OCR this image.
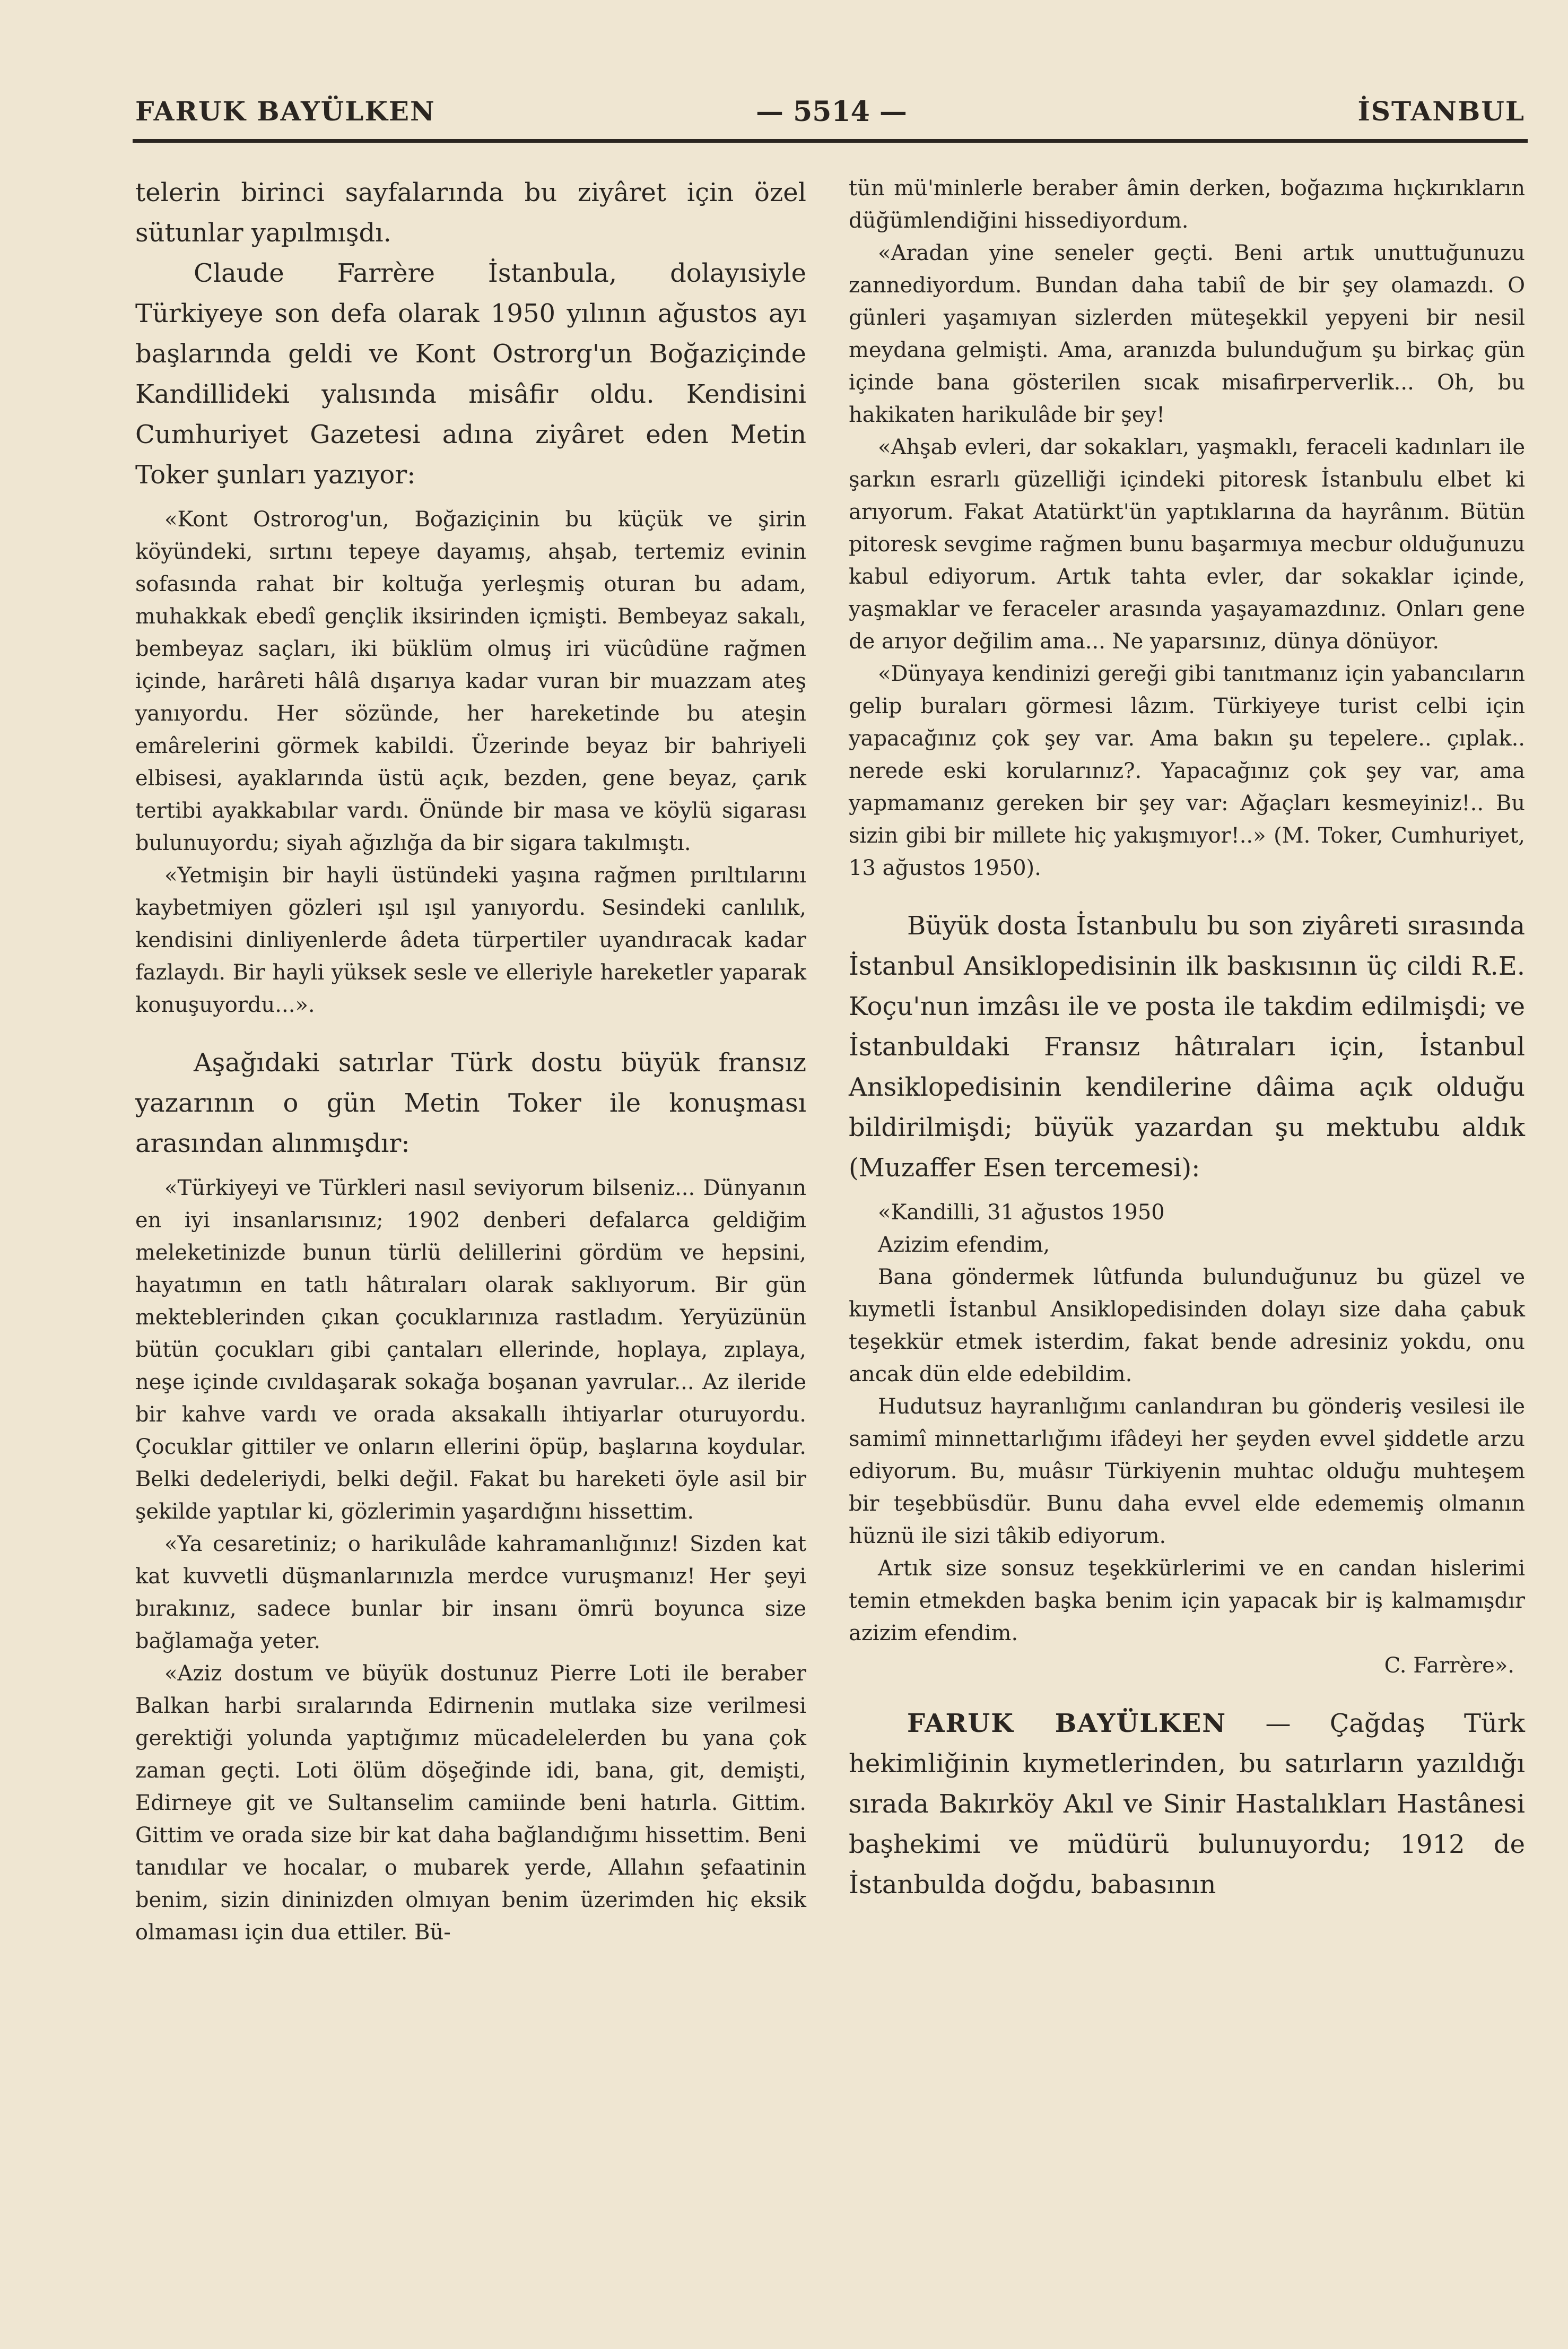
FARUK BAYÜLKEN	— 5514 —	İSTANBUL

telerin birinci sayfalarında bu ziyâret için özel sütunlar yapılmışdı.

Claude Farrère İstanbula, dolayısiyle Türkiyeye son defa olarak 1950 yılının ağustos ayı başlarında geldi ve Kont Ostrorg'un Boğaziçinde Kandillideki yalısında misâfir oldu. Kendisini Cumhuriyet Gazetesi adına ziyâret eden Metin Toker şunları yazıyor:

«Kont Ostrorog'un, Boğaziçinin bu küçük ve şirin köyündeki, sırtını tepeye dayamış, ahşab, tertemiz evinin sofasında rahat bir koltuğa yerleşmiş oturan bu adam, muhakkak ebedî gençlik iksirinden içmişti. Bembeyaz sakalı, bembeyaz saçları, iki büklüm olmuş iri vücûdüne rağmen içinde, harâreti hâlâ dışarıya kadar vuran bir muazzam ateş yanıyordu. Her sözünde, her hareketinde bu ateşin emârelerini görmek kabildi. Üzerinde beyaz bir bahriyeli elbisesi, ayaklarında üstü açık, bezden, gene beyaz, çarık tertibi ayakkabılar vardı. Önünde bir masa ve köylü sigarası bulunuyordu; siyah ağızlığa da bir sigara takılmıştı.

«Yetmişin bir hayli üstündeki yaşına rağmen pırıltılarını kaybetmiyen gözleri ışıl ışıl yanıyordu. Sesindeki canlılık, kendisini dinliyenlerde âdeta türpertiler uyandıracak kadar fazlaydı. Bir hayli yüksek sesle ve elleriyle hareketler yaparak konuşuyordu...».

Aşağıdaki satırlar Türk dostu büyük fransız yazarının o gün Metin Toker ile konuşması arasından alınmışdır:

«Türkiyeyi ve Türkleri nasıl seviyorum bilseniz... Dünyanın en iyi insanlarısınız; 1902 denberi defalarca geldiğim meleketinizde bunun türlü delillerini gördüm ve hepsini, hayatımın en tatlı hâtıraları olarak saklıyorum. Bir gün mekteblerinden çıkan çocuklarınıza rastladım. Yeryüzünün bütün çocukları gibi çantaları ellerinde, hoplaya, zıplaya, neşe içinde cıvıldaşarak sokağa boşanan yavrular... Az ileride bir kahve vardı ve orada aksakallı ihtiyarlar oturuyordu. Çocuklar gittiler ve onların ellerini öpüp, başlarına koydular. Belki dedeleriydi, belki değil. Fakat bu hareketi öyle asil bir şekilde yaptılar ki, gözlerimin yaşardığını hissettim.

«Ya cesaretiniz; o harikulâde kahramanlığınız! Sizden kat kat kuvvetli düşmanlarınızla merdce vuruşmanız! Her şeyi bırakınız, sadece bunlar bir insanı ömrü boyunca size bağlamağa yeter.

«Aziz dostum ve büyük dostunuz Pierre Loti ile beraber Balkan harbi sıralarında Edirnenin mutlaka size verilmesi gerektiği yolunda yaptığımız mücadelelerden bu yana çok zaman geçti. Loti ölüm döşeğinde idi, bana, git, demişti, Edirneye git ve Sultanselim camiinde beni hatırla. Gittim. Gittim ve orada size bir kat daha bağlandığımı hissettim. Beni tanıdılar ve hocalar, o mubarek yerde, Allahın şefaatinin benim, sizin dininizden olmıyan benim üzerimden hiç eksik olmaması için dua ettiler. Bü-

tün mü'minlerle beraber âmin derken, boğazıma hıçkırıkların düğümlendiğini hissediyordum.

«Aradan yine seneler geçti. Beni artık unuttuğunuzu zannediyordum. Bundan daha tabiî de bir şey olamazdı. O günleri yaşamıyan sizlerden müteşekkil yepyeni bir nesil meydana gelmişti. Ama, aranızda bulunduğum şu birkaç gün içinde bana gösterilen sıcak misafirperverlik... Oh, bu hakikaten harikulâde bir şey!

«Ahşab evleri, dar sokakları, yaşmaklı, feraceli kadınları ile şarkın esrarlı güzelliği içindeki pitoresk İstanbulu elbet ki arıyorum. Fakat Atatürkt'ün yaptıklarına da hayrânım. Bütün pitoresk sevgime rağmen bunu başarmıya mecbur olduğunuzu kabul ediyorum. Artık tahta evler, dar sokaklar içinde, yaşmaklar ve feraceler arasında yaşayamazdınız. Onları gene de arıyor değilim ama... Ne yaparsınız, dünya dönüyor.

«Dünyaya kendinizi gereği gibi tanıtmanız için yabancıların gelip buraları görmesi lâzım. Türkiyeye turist celbi için yapacağınız çok şey var. Ama bakın şu tepelere.. çıplak.. nerede eski korularınız?. Yapacağınız çok şey var, ama yapmamanız gereken bir şey var: Ağaçları kesmeyiniz!.. Bu sizin gibi bir millete hiç yakışmıyor!..» (M. Toker, Cumhuriyet, 13 ağustos 1950).

Büyük dosta İstanbulu bu son ziyâreti sırasında İstanbul Ansiklopedisinin ilk baskısının üç cildi R.E. Koçu'nun imzâsı ile ve posta ile takdim edilmişdi; ve İstanbuldaki Fransız hâtıraları için, İstanbul Ansiklopedisinin kendilerine dâima açık olduğu bildirilmişdi; büyük yazardan şu mektubu aldık (Muzaffer Esen tercemesi):

«Kandilli, 31 ağustos 1950

Azizim efendim,

Bana göndermek lûtfunda bulunduğunuz bu güzel ve kıymetli İstanbul Ansiklopedisinden dolayı size daha çabuk teşekkür etmek isterdim, fakat bende adresiniz yokdu, onu ancak dün elde edebildim.

Hudutsuz hayranlığımı canlandıran bu gönderiş vesilesi ile samimî minnettarlığımı ifâdeyi her şeyden evvel şiddetle arzu ediyorum. Bu, muâsır Türkiyenin muhtac olduğu muhteşem bir teşebbüsdür. Bunu daha evvel elde edememiş olmanın hüznü ile sizi tâkib ediyorum.

Artık size sonsuz teşekkürlerimi ve en candan hislerimi temin etmekden başka benim için yapacak bir iş kalmamışdır azizim efendim.

C. Farrère».

FARUK BAYÜLKEN — Çağdaş Türk hekimliğinin kıymetlerinden, bu satırların yazıldığı sırada Bakırköy Akıl ve Sinir Hastalıkları Hastânesi başhekimi ve müdürü bulunuyordu; 1912 de İstanbulda doğdu, babasının
